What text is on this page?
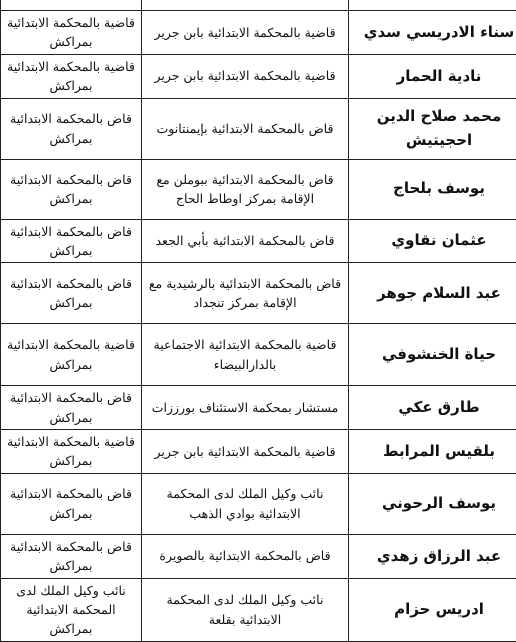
سناء الادريسي سدي	قاضية بالمحكمة الابتدائية بابن جرير	قاضية بالمحكمة الابتدائية بمراكش
نادية الحمار	قاضية بالمحكمة الابتدائية بابن جرير	قاضية بالمحكمة الابتدائية بمراكش
محمد صلاح الدين احجيتيش	قاض بالمحكمة الابتدائية بإيمنتانوت	قاض بالمحكمة الابتدائية بمراكش
يوسف بلحاج	قاض بالمحكمة الابتدائية ببوملن مع الإقامة بمركز اوطاط الحاج	قاض بالمحكمة الابتدائية بمراكش
عثمان نقاوي	قاض بالمحكمة الابتدائية بأبي الجعد	قاض بالمحكمة الابتدائية بمراكش
عبد السلام جوهر	قاض بالمحكمة الابتدائية بالرشيدية مع الإقامة بمركز تنجداد	قاض بالمحكمة الابتدائية بمراكش
حياة الخنشوفي	قاضية بالمحكمة الابتدائية الاجتماعية بالدارالبيضاء	قاضية بالمحكمة الابتدائية بمراكش
طارق عكي	مستشار بمحكمة الاستئناف بورززات	قاض بالمحكمة الابتدائية بمراكش
بلقيس المرابط	قاضية بالمحكمة الابتدائية بابن جرير	قاضية بالمحكمة الابتدائية بمراكش
يوسف الرحوني	نائب وكيل الملك لدى المحكمة الابتدائية بوادي الذهب	قاض بالمحكمة الابتدائية بمراكش
عبد الرزاق زهدي	قاض بالمحكمة الابتدائية بالصويرة	قاض بالمحكمة الابتدائية بمراكش
ادريس حزام	نائب وكيل الملك لدى المحكمة الابتدائية بقلعة	نائب وكيل الملك لدى المحكمة الابتدائية بمراكش
